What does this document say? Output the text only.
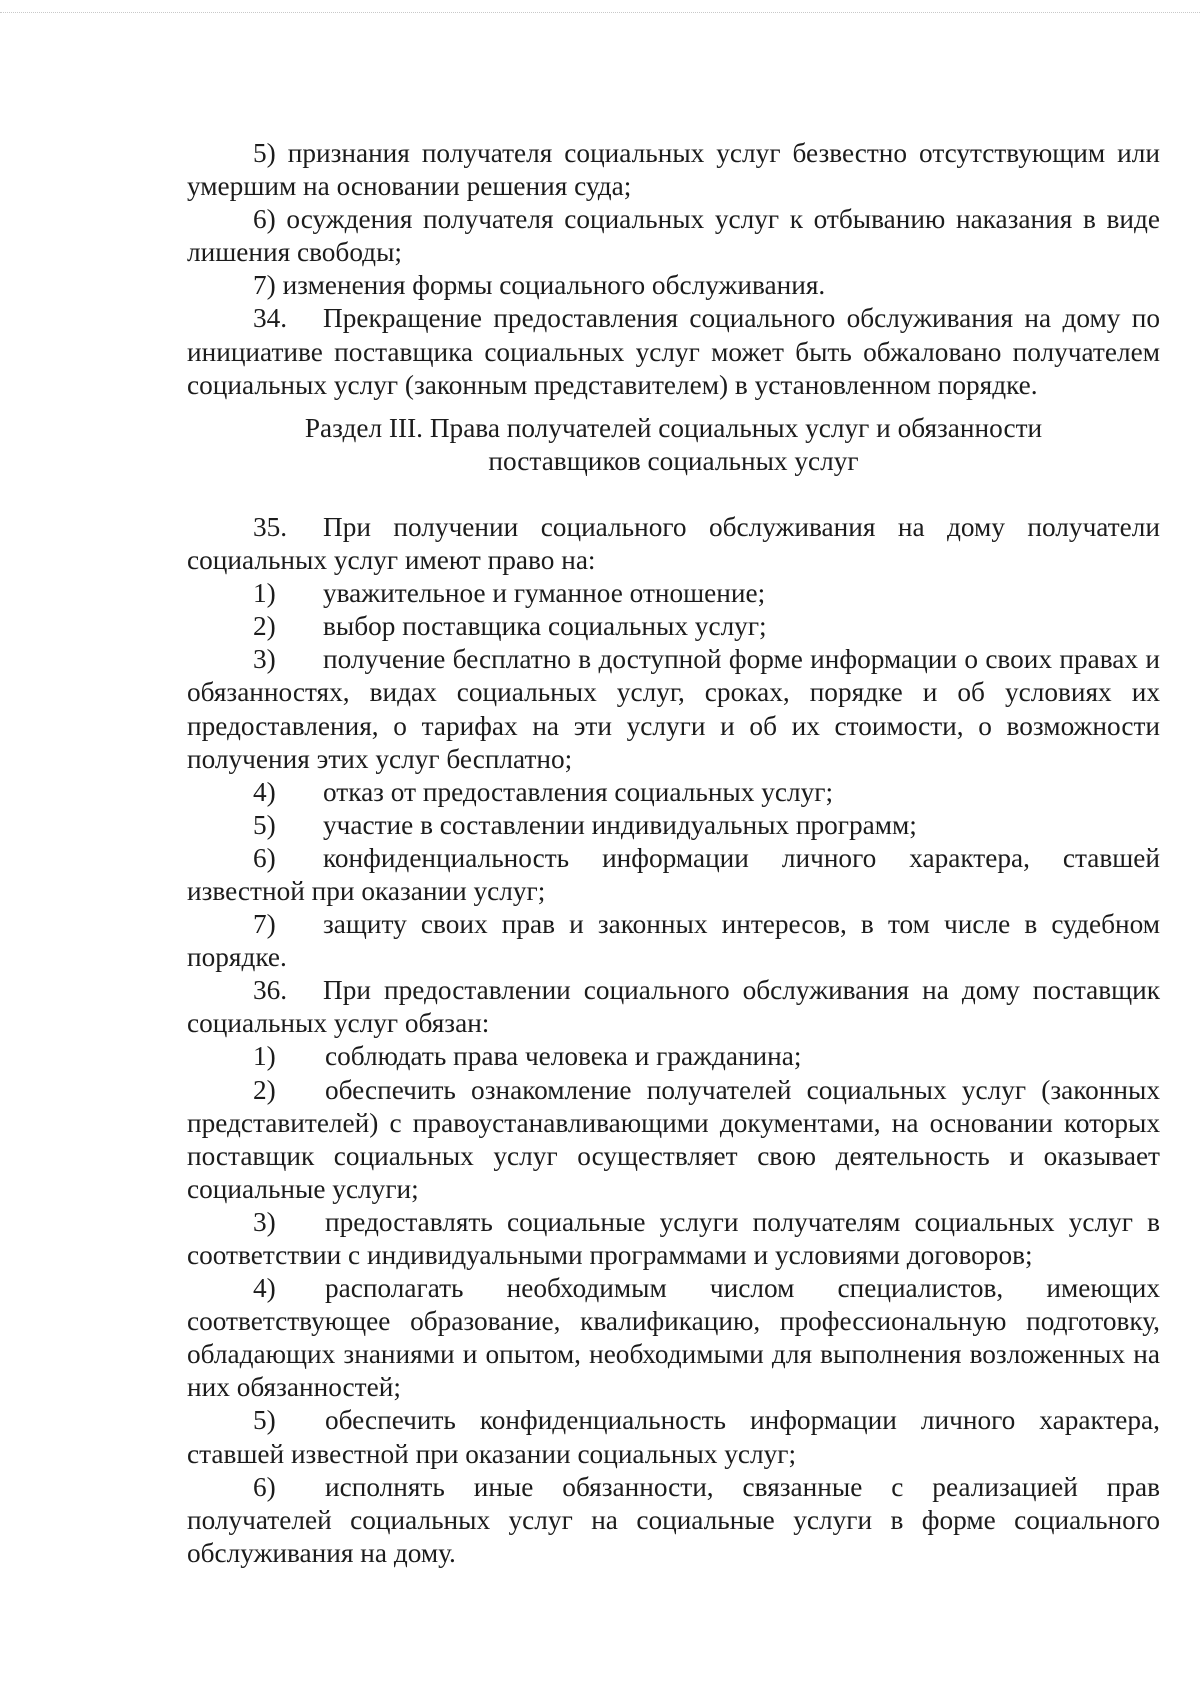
5) признания получателя социальных услуг безвестно отсутствующим или умершим на основании решения суда;

6) осуждения получателя социальных услуг к отбыванию наказания в виде лишения свободы;

7) изменения формы социального обслуживания.

34. Прекращение предоставления социального обслуживания на дому по инициативе поставщика социальных услуг может быть обжаловано получателем социальных услуг (законным представителем) в установленном порядке.

Раздел III. Права получателей социальных услуг и обязанности
поставщиков социальных услуг

35. При получении социального обслуживания на дому получатели социальных услуг имеют право на:

1) уважительное и гуманное отношение;

2) выбор поставщика социальных услуг;

3) получение бесплатно в доступной форме информации о своих правах и обязанностях, видах социальных услуг, сроках, порядке и об условиях их предоставления, о тарифах на эти услуги и об их стоимости, о возможности получения этих услуг бесплатно;

4) отказ от предоставления социальных услуг;

5) участие в составлении индивидуальных программ;

6) конфиденциальность информации личного характера, ставшей известной при оказании услуг;

7) защиту своих прав и законных интересов, в том числе в судебном порядке.

36. При предоставлении социального обслуживания на дому поставщик социальных услуг обязан:

1) соблюдать права человека и гражданина;

2) обеспечить ознакомление получателей социальных услуг (законных представителей) с правоустанавливающими документами, на основании которых поставщик социальных услуг осуществляет свою деятельность и оказывает социальные услуги;

3) предоставлять социальные услуги получателям социальных услуг в соответствии с индивидуальными программами и условиями договоров;

4) располагать необходимым числом специалистов, имеющих соответствующее образование, квалификацию, профессиональную подготовку, обладающих знаниями и опытом, необходимыми для выполнения возложенных на них обязанностей;

5) обеспечить конфиденциальность информации личного характера, ставшей известной при оказании социальных услуг;

6) исполнять иные обязанности, связанные с реализацией прав получателей социальных услуг на социальные услуги в форме социального обслуживания на дому.
